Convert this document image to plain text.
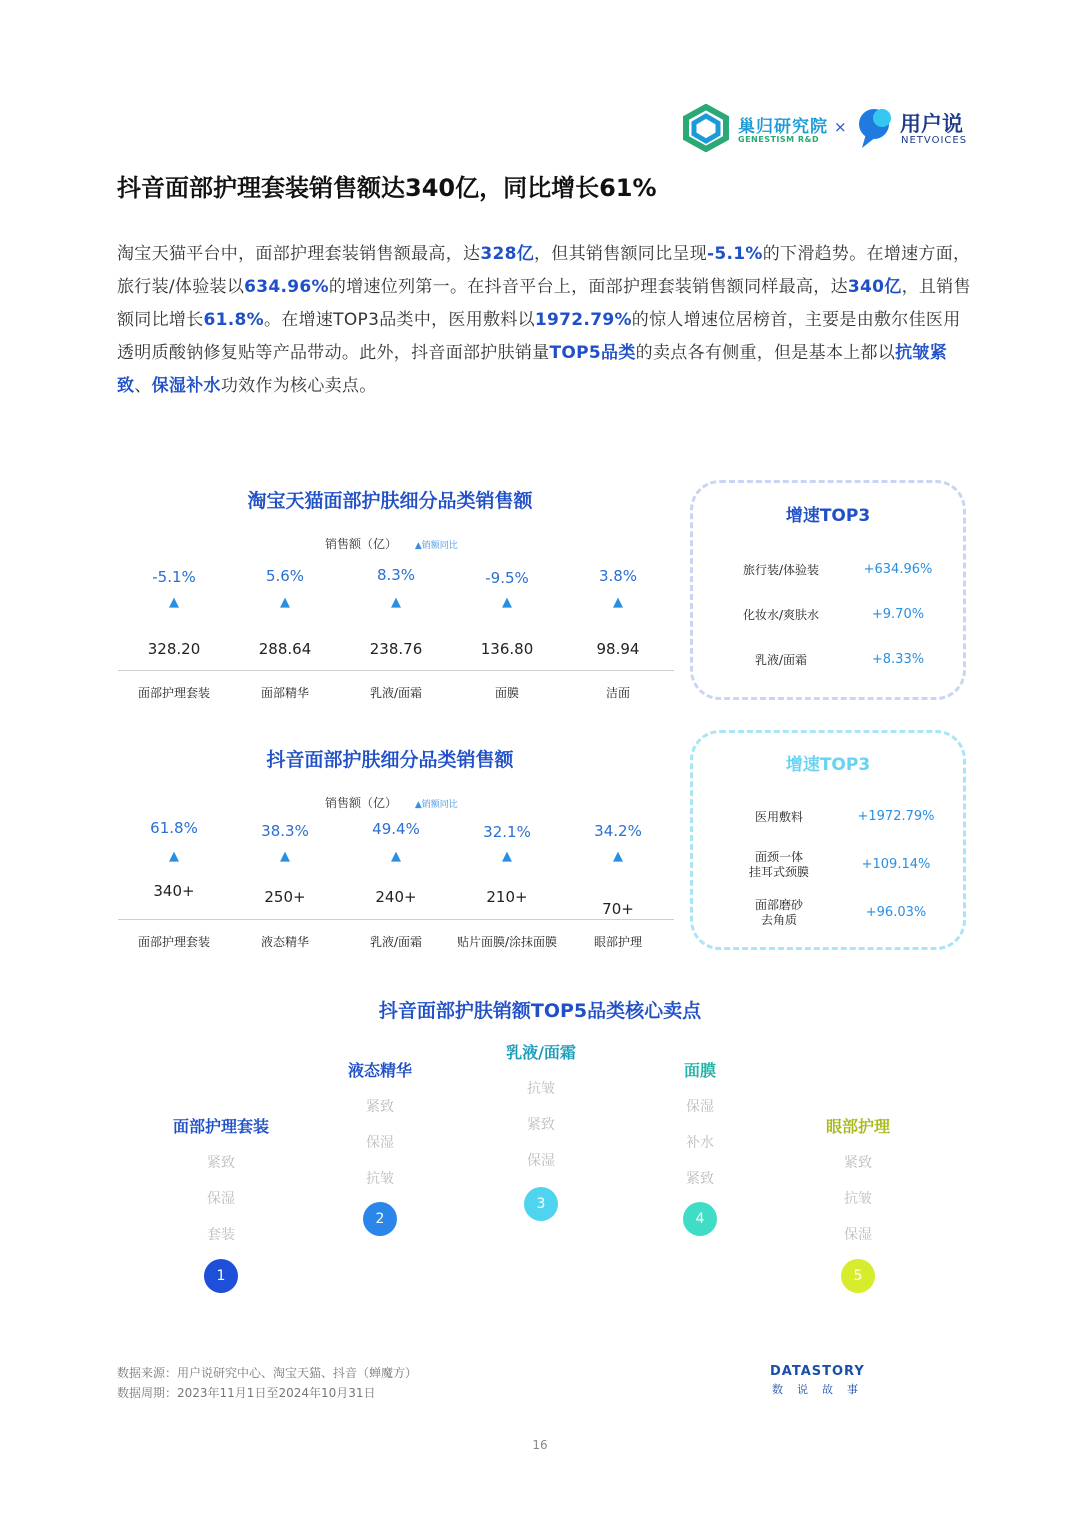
巢归研究院
GENESTISM R&D
×	用户说
NETVOICES
抖音面部护理套装销售额达340亿，同比增长61%
淘宝天猫平台中，面部护理套装销售额最高，达328亿，但其销售额同比呈现-5.1%的下滑趋势。在增速方面，旅行装/体验装以634.96%的增速位列第一。在抖音平台上，面部护理套装销售额同样最高，达340亿，且销售额同比增长61.8%。在增速TOP3品类中，医用敷料以1972.79%的惊人增速位居榜首，主要是由敷尔佳医用透明质酸钠修复贴等产品带动。此外，抖音面部护肤销量TOP5品类的卖点各有侧重，但是基本上都以抗皱紧致、保湿补水功效作为核心卖点。
淘宝天猫面部护肤细分品类销售额
销售额（亿） ▲销额同比
-5.1%
▲
328.20
面部护理套装
5.6%
▲
288.64
面部精华
8.3%
▲
238.76
乳液/面霜
-9.5%
▲
136.80
面膜
3.8%
▲
98.94
洁面
抖音面部护肤细分品类销售额
销售额（亿） ▲销额同比
61.8%
▲
340+
面部护理套装
38.3%
▲
250+
液态精华
49.4%
▲
240+
乳液/面霜
32.1%
▲
210+
贴片面膜/涂抹面膜
34.2%
▲
70+
眼部护理
增速TOP3
旅行装/体验装	+634.96%
化妆水/爽肤水	+9.70%
乳液/面霜	+8.33%
增速TOP3
医用敷料	+1972.79%
面颈一体
挂耳式颈膜	+109.14%
面部磨砂
去角质	+96.03%
抖音面部护肤销额TOP5品类核心卖点
面部护理套装
紧致
保湿
套装
1
液态精华
紧致
保湿
抗皱
2
乳液/面霜
抗皱
紧致
保湿
3
面膜
保湿
补水
紧致
4
眼部护理
紧致
抗皱
保湿
5
数据来源：用户说研究中心、淘宝天猫、抖音（蝉魔方）
数据周期：2023年11月1日至2024年10月31日
DATASTORY
数说故事
16
